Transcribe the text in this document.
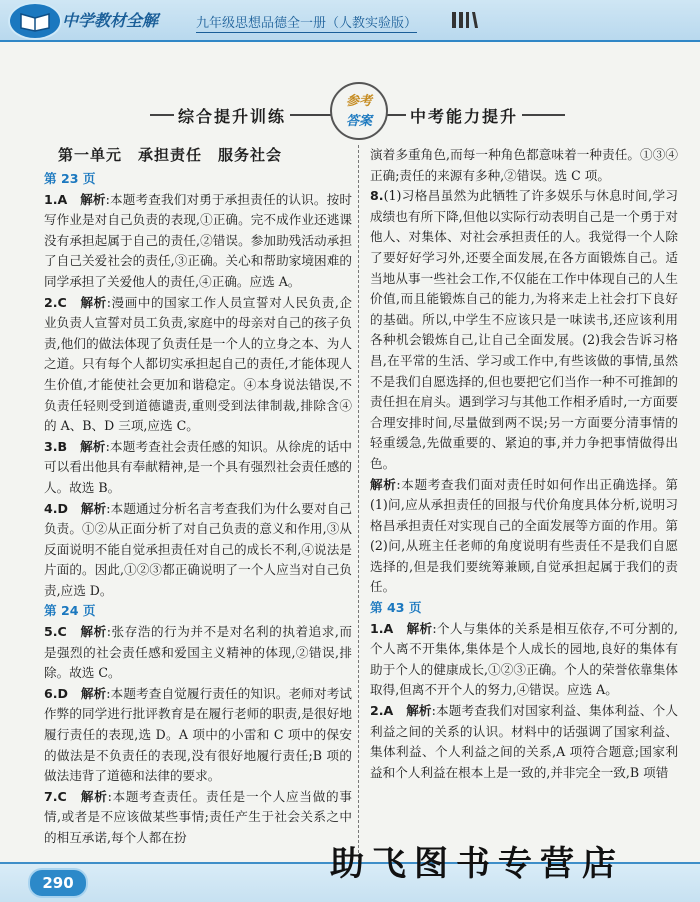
中学教材全解	九年级思想品德全一册（人教实验版）
综合提升训练	中考能力提升
参考
答案
第一单元　承担责任　服务社会
第 23 页

1.A　 解析:本题考查我们对勇于承担责任的认识。按时写作业是对自己负责的表现,①正确。完不成作业还逃课没有承担起属于自己的责任,②错误。参加助残活动承担了自己关爱社会的责任,③正确。关心和帮助家境困难的同学承担了关爱他人的责任,④正确。应选 A。

2.C　 解析:漫画中的国家工作人员宣誓对人民负责,企业负责人宣誓对员工负责,家庭中的母亲对自己的孩子负责,他们的做法体现了负责任是一个人的立身之本、为人之道。只有每个人都切实承担起自己的责任,才能体现人生价值,才能使社会更加和谐稳定。④本身说法错误,不负责任轻则受到道德谴责,重则受到法律制裁,排除含④的 A、B、D 三项,应选 C。

3.B　 解析:本题考查社会责任感的知识。从徐虎的话中可以看出他具有奉献精神,是一个具有强烈社会责任感的人。故选 B。

4.D　 解析:本题通过分析名言考查我们为什么要对自己负责。①②从正面分析了对自己负责的意义和作用,③从反面说明不能自觉承担责任对自己的成长不利,④说法是片面的。因此,①②③都正确说明了一个人应当对自己负责,应选 D。

第 24 页

5.C　 解析:张存浩的行为并不是对名利的执着追求,而是强烈的社会责任感和爱国主义精神的体现,②错误,排除。故选 C。

6.D　 解析:本题考查自觉履行责任的知识。老师对考试作弊的同学进行批评教育是在履行老师的职责,是很好地履行责任的表现,选 D。A 项中的小雷和 C 项中的保安的做法是不负责任的表现,没有很好地履行责任;B 项的做法违背了道德和法律的要求。

7.C　 解析:本题考查责任。责任是一个人应当做的事情,或者是不应该做某些事情;责任产生于社会关系之中的相互承诺,每个人都在扮

演着多重角色,而每一种角色都意味着一种责任。①③④正确;责任的来源有多种,②错误。选 C 项。

8.(1)习格昌虽然为此牺牲了许多娱乐与休息时间,学习成绩也有所下降,但他以实际行动表明自己是一个勇于对他人、对集体、对社会承担责任的人。我觉得一个人除了要好好学习外,还要全面发展,在各方面锻炼自己。适当地从事一些社会工作,不仅能在工作中体现自己的人生价值,而且能锻炼自己的能力,为将来走上社会打下良好的基础。所以,中学生不应该只是一味读书,还应该利用各种机会锻炼自己,让自己全面发展。(2)我会告诉习格昌,在平常的生活、学习或工作中,有些该做的事情,虽然不是我们自愿选择的,但也要把它们当作一种不可推卸的责任担在肩头。遇到学习与其他工作相矛盾时,一方面要合理安排时间,尽量做到两不误;另一方面要分清事情的轻重缓急,先做重要的、紧迫的事,并力争把事情做得出色。

解析:本题考查我们面对责任时如何作出正确选择。第(1)问,应从承担责任的回报与代价角度具体分析,说明习格昌承担责任对实现自己的全面发展等方面的作用。第(2)问,从班主任老师的角度说明有些责任不是我们自愿选择的,但是我们要统筹兼顾,自觉承担起属于我们的责任。

第 43 页

1.A　 解析:个人与集体的关系是相互依存,不可分割的,个人离不开集体,集体是个人成长的园地,良好的集体有助于个人的健康成长,①②③正确。个人的荣誉依靠集体取得,但离不开个人的努力,④错误。应选 A。

2.A　 解析:本题考查我们对国家利益、集体利益、个人利益之间的关系的认识。材料中的话强调了国家利益、集体利益、个人利益之间的关系,A 项符合题意;国家利益和个人利益在根本上是一致的,并非完全一致,B 项错

290	助飞图书专营店
